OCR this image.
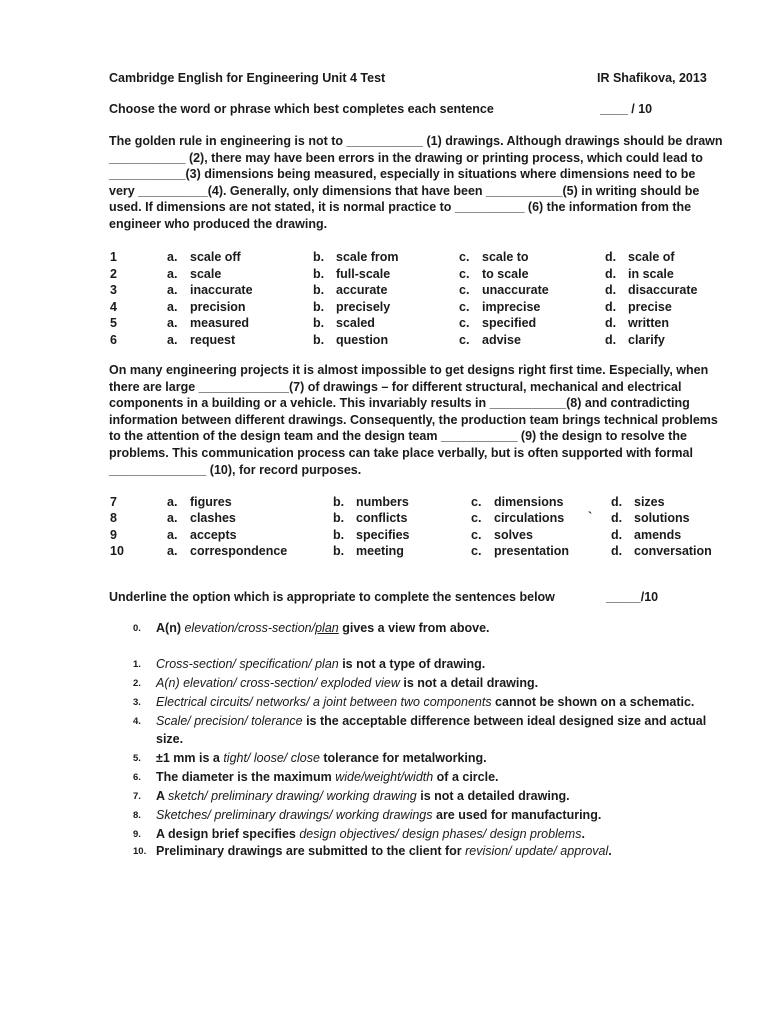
Cambridge English for Engineering Unit 4 Test	IR Shafikova, 2013
Choose the word or phrase which best completes each sentence	____ / 10
The golden rule in engineering is not to ___________ (1) drawings. Although drawings should be drawn
___________ (2), there may have been errors in the drawing or printing process, which could lead to
___________(3) dimensions being measured, especially in situations where dimensions need to be
very __________(4). Generally, only dimensions that have been ___________(5) in writing should be
used. If dimensions are not stated, it is normal practice to __________ (6) the information from the
engineer who produced the drawing.
1	a. scale off	b. scale from	c. scale to	d. scale of
2	a. scale	b. full-scale	c. to scale	d. in scale
3	a. inaccurate	b. accurate	c. unaccurate	d. disaccurate
4	a. precision	b. precisely	c. imprecise	d. precise
5	a. measured	b. scaled	c. specified	d. written
6	a. request	b. question	c. advise	d. clarify
On many engineering projects it is almost impossible to get designs right first time. Especially, when
there are large _____________(7) of drawings – for different structural, mechanical and electrical
components in a building or a vehicle. This invariably results in ___________(8) and contradicting
information between different drawings. Consequently, the production team brings technical problems
to the attention of the design team and the design team ___________ (9) the design to resolve the
problems. This communication process can take place verbally, but is often supported with formal
______________ (10), for record purposes.
7	a. figures	b. numbers	c. dimensions	d. sizes
8	a. clashes	b. conflicts	c. circulations	d. solutions
9	a. accepts	b. specifies	c. solves	d. amends
10	a. correspondence	b. meeting	c. presentation	d. conversation
`
Underline the option which is appropriate to complete the sentences below	_____/10
0. A(n) elevation/cross-section/plan gives a view from above.
1. Cross-section/ specification/ plan is not a type of drawing.
2. A(n) elevation/ cross-section/ exploded view is not a detail drawing.
3. Electrical circuits/ networks/ a joint between two components cannot be shown on a schematic.
4. Scale/ precision/ tolerance is the acceptable difference between ideal designed size and actual
5. ±1 mm is a tight/ loose/ close tolerance for metalworking.
6. The diameter is the maximum wide/weight/width of a circle.
7. A sketch/ preliminary drawing/ working drawing is not a detailed drawing.
8. Sketches/ preliminary drawings/ working drawings are used for manufacturing.
9. A design brief specifies design objectives/ design phases/ design problems.
10. Preliminary drawings are submitted to the client for revision/ update/ approval.
size.
